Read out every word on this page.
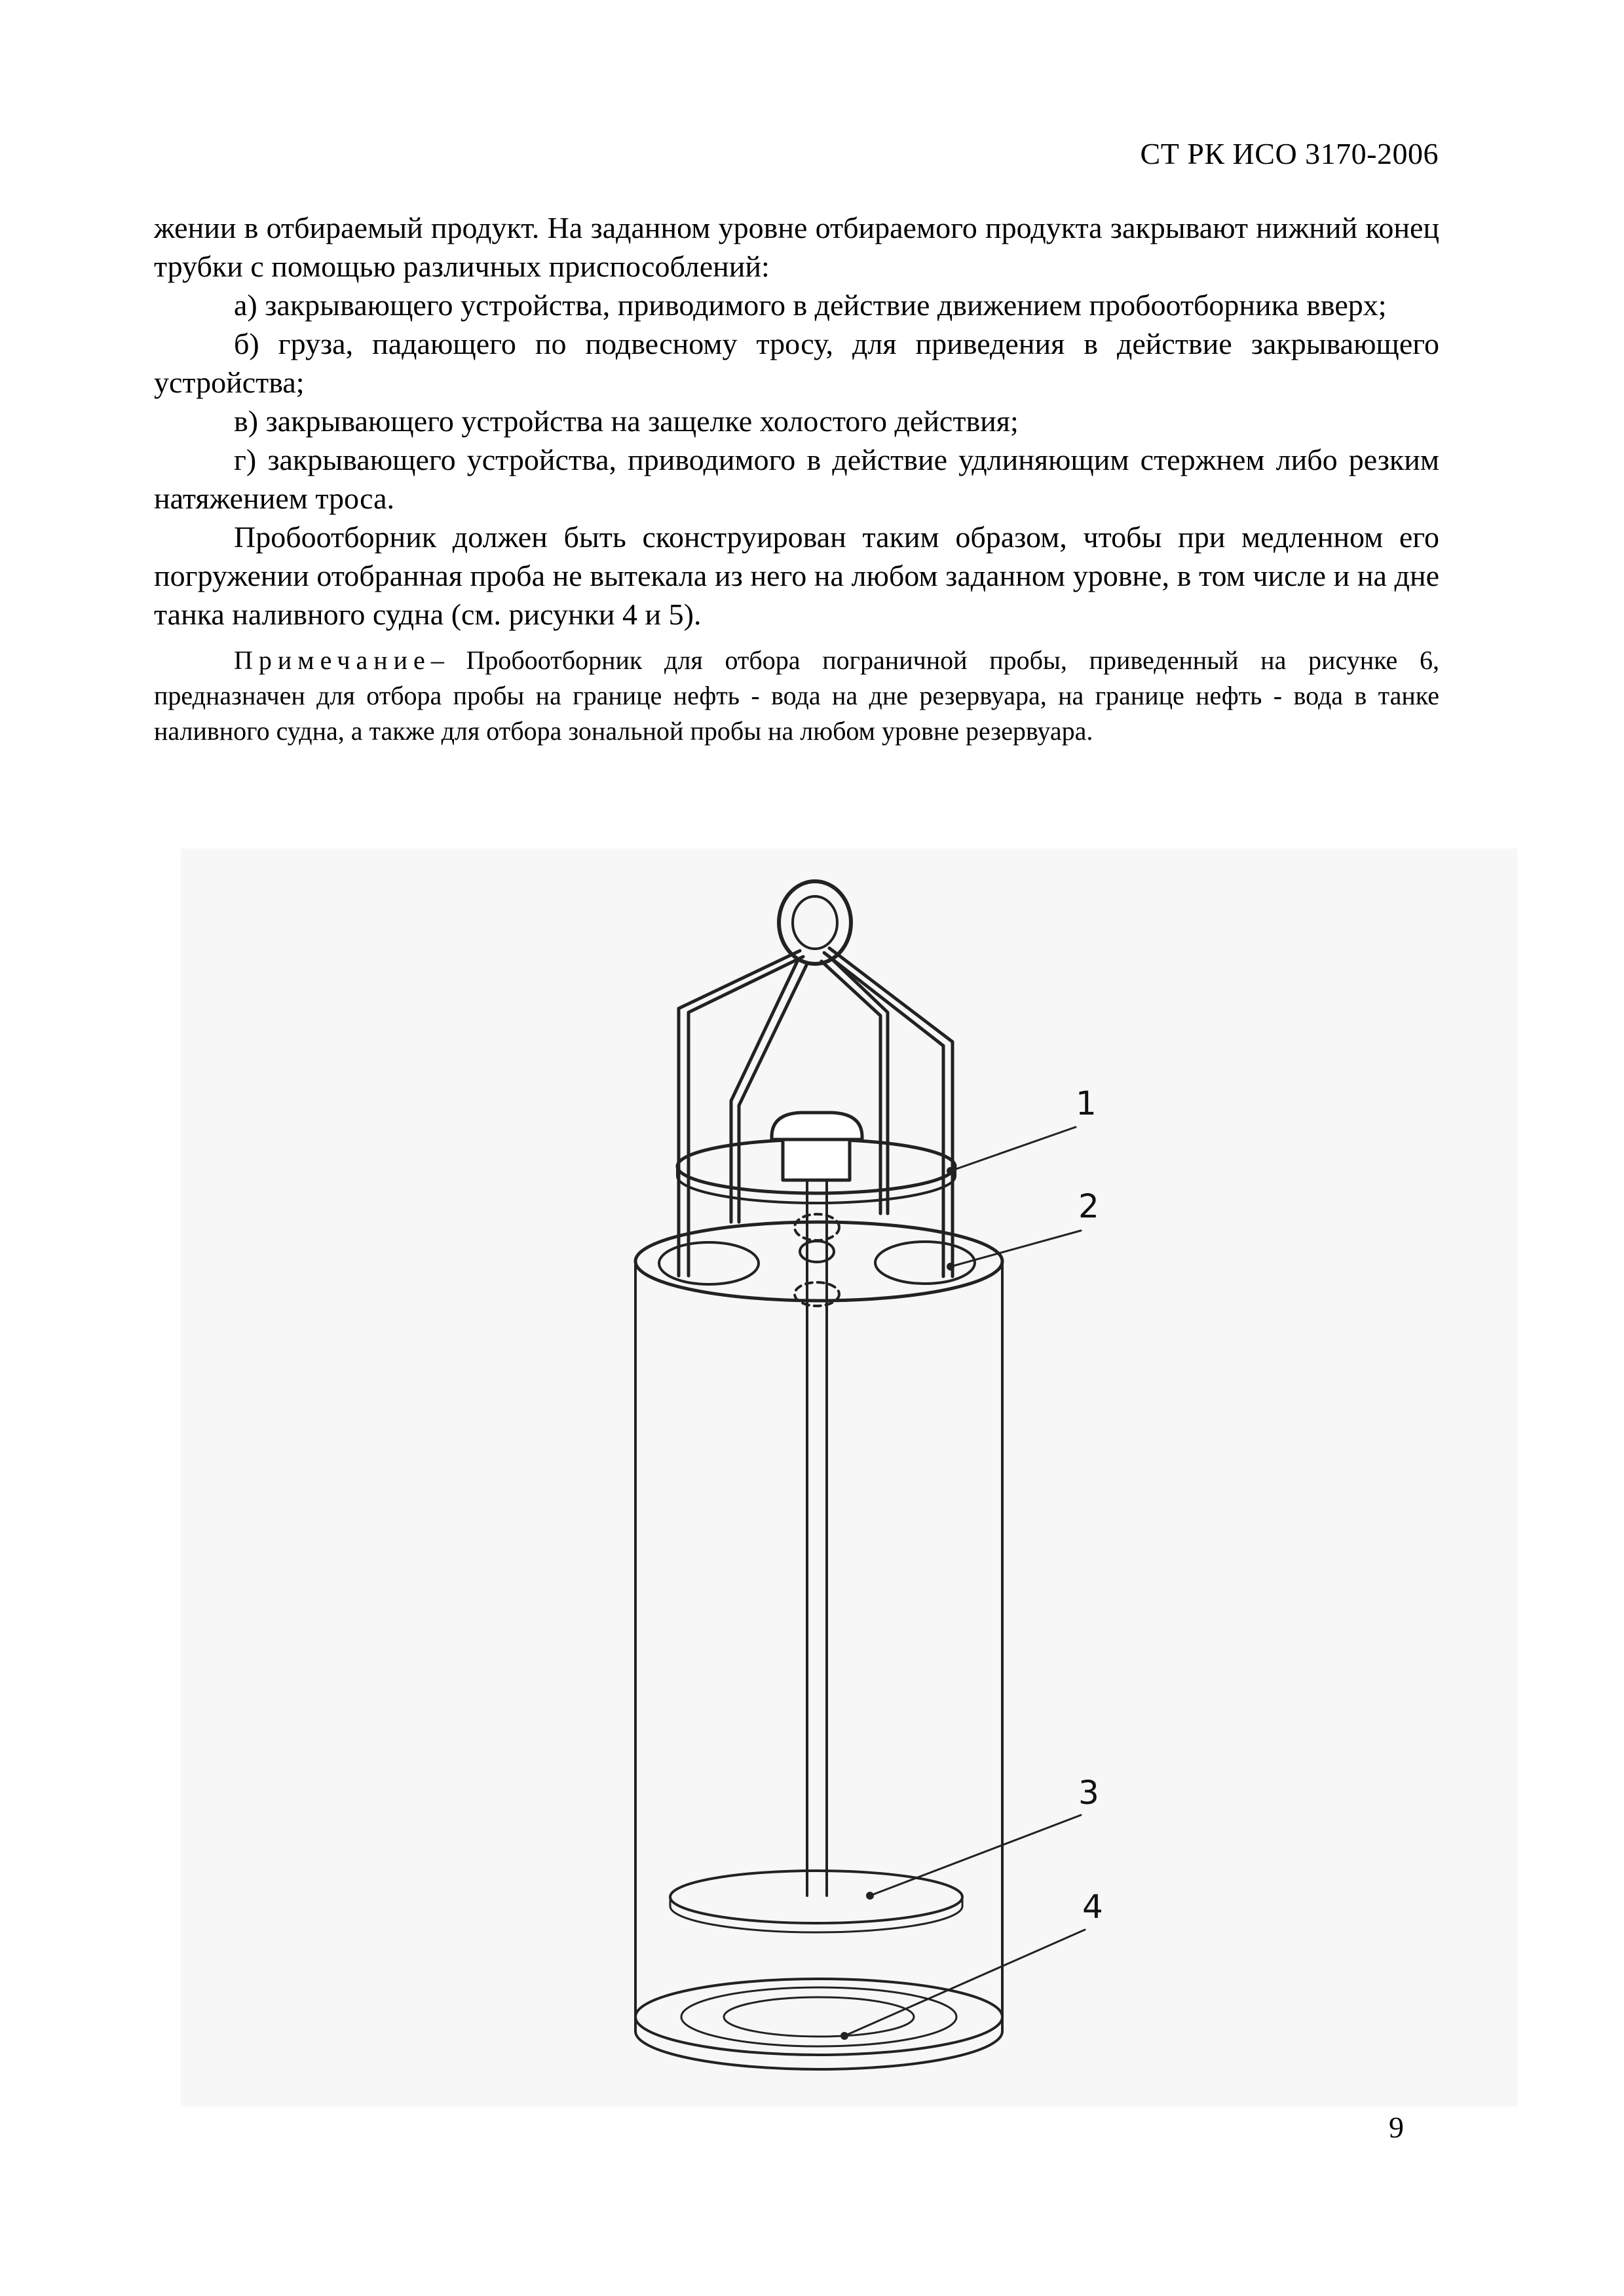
СТ РК ИСО 3170-2006

жении в отбираемый продукт. На заданном уровне отбираемого продукта закрывают нижний конец трубки с помощью различных приспособлений:

а) закрывающего устройства, приводимого в действие движением пробоотборника вверх;

б) груза, падающего по подвесному тросу, для приведения в действие закрывающего устройства;

в) закрывающего устройства на защелке холостого действия;

г) закрывающего устройства, приводимого в действие удлиняющим стержнем либо резким натяжением троса.

Пробоотборник должен быть сконструирован таким образом, чтобы при медленном его погружении отобранная проба не вытекала из него на любом заданном уровне, в том числе и на дне танка наливного судна (см. рисунки 4 и 5).

Примечание– Пробоотборник для отбора пограничной пробы, приведенный на рисунке 6, предназначен для отбора пробы на границе нефть - вода на дне резервуара, на границе нефть - вода в танке наливного судна, а также для отбора зональной пробы на любом уровне резервуара.

1
2
3
4
9
